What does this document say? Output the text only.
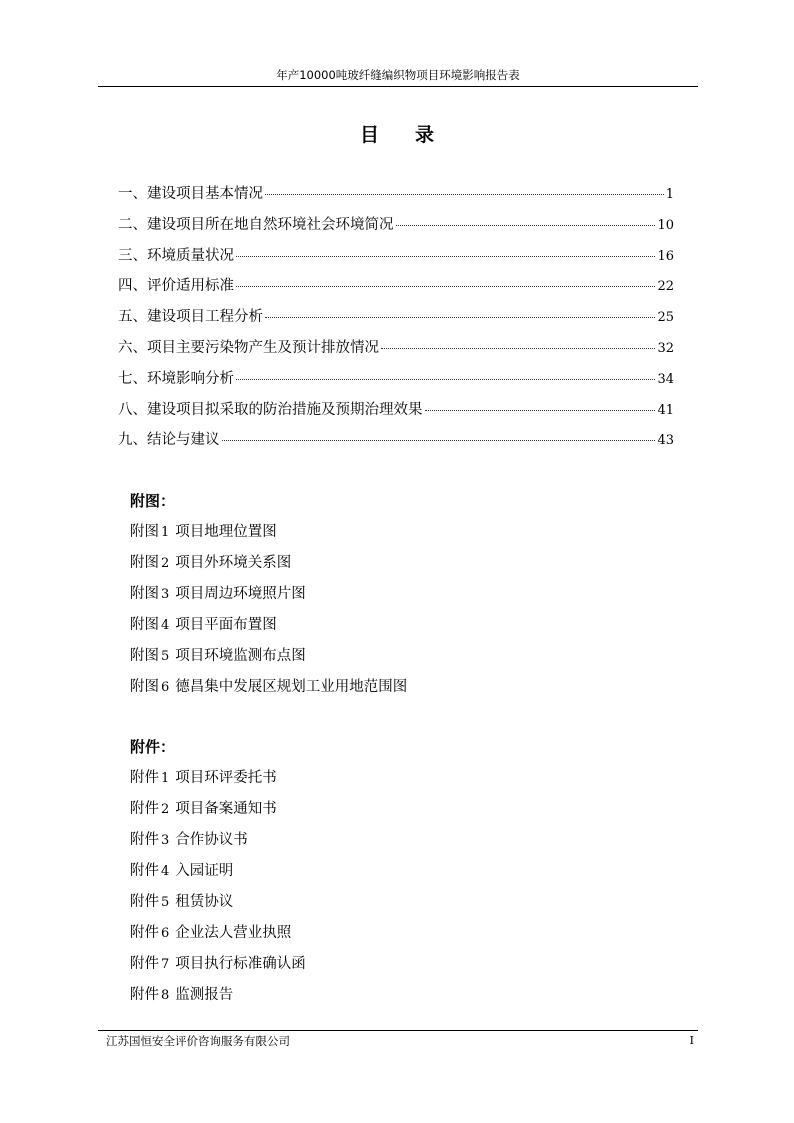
年产10000吨玻纤缝编织物项目环境影响报告表
目录
一、建设项目基本情况	1
二、建设项目所在地自然环境社会环境简况	10
三、环境质量状况	16
四、评价适用标准	22
五、建设项目工程分析	25
六、项目主要污染物产生及预计排放情况	32
七、环境影响分析	34
八、建设项目拟采取的防治措施及预期治理效果	41
九、结论与建议	43
附图：
附图 1 项目地理位置图
附图 2 项目外环境关系图
附图 3 项目周边环境照片图
附图 4 项目平面布置图
附图 5 项目环境监测布点图
附图 6 德昌集中发展区规划工业用地范围图
附件：
附件 1 项目环评委托书
附件 2 项目备案通知书
附件 3 合作协议书
附件 4 入园证明
附件 5 租赁协议
附件 6 企业法人营业执照
附件 7 项目执行标准确认函
附件 8 监测报告
江苏国恒安全评价咨询服务有限公司	I
